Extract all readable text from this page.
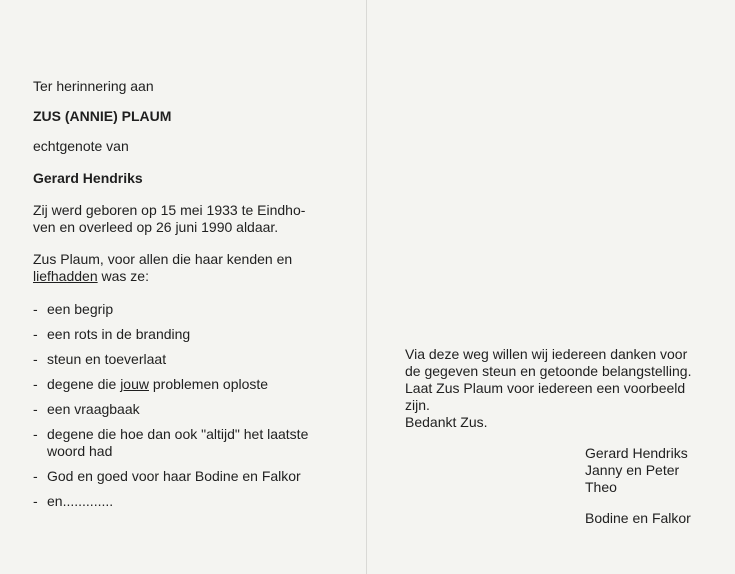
Ter herinnering aan

ZUS (ANNIE) PLAUM

echtgenote van

Gerard Hendriks

Zij werd geboren op 15 mei 1933 te Eindho-
ven en overleed op 26 juni 1990 aldaar.

Zus Plaum, voor allen die haar kenden en
liefhadden was ze:

- een begrip
- een rots in de branding
- steun en toeverlaat
- degene die jouw problemen oploste
- een vraagbaak
- degene die hoe dan ook "altijd" het laatste
woord had
- God en goed voor haar Bodine en Falkor
- en.............

Via deze weg willen wij iedereen danken voor
de gegeven steun en getoonde belangstelling.
Laat Zus Plaum voor iedereen een voorbeeld
zijn.
Bedankt Zus.

Gerard Hendriks
Janny en Peter
Theo
Bodine en Falkor
